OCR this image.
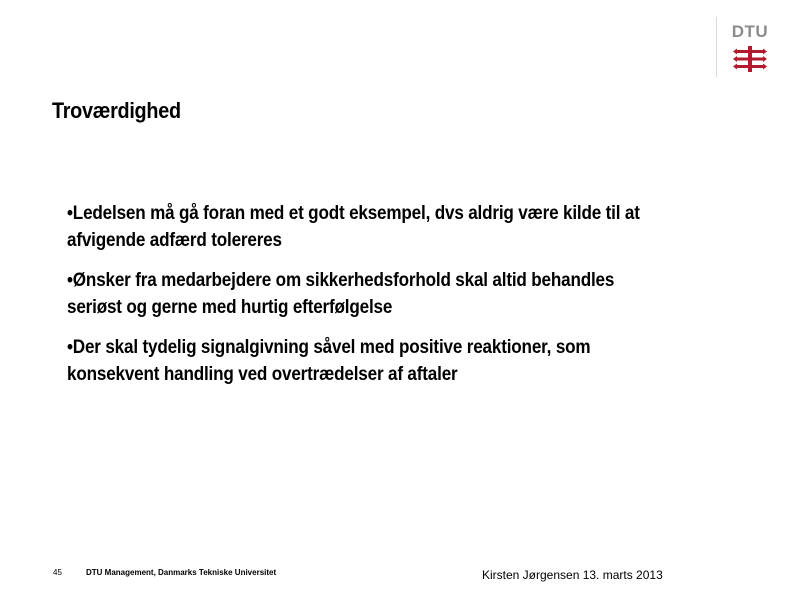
DTU
Troværdighed
•Ledelsen må gå foran med et godt eksempel, dvs aldrig være kilde til at afvigende adfærd tolereres
•Ønsker fra medarbejdere om sikkerhedsforhold skal altid behandles seriøst og gerne med hurtig efterfølgelse
•Der skal tydelig signalgivning såvel med positive reaktioner, som konsekvent handling ved overtrædelser af aftaler
45	DTU Management, Danmarks Tekniske Universitet	Kirsten Jørgensen 13. marts 2013
